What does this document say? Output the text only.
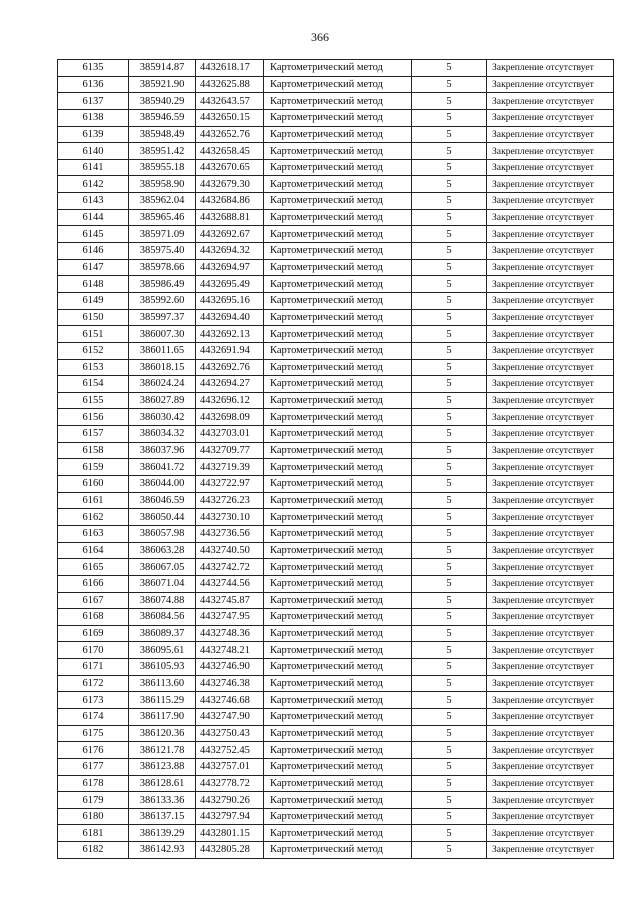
366
6135	385914.87	4432618.17	Картометрический метод	5	Закрепление отсутствует
6136	385921.90	4432625.88	Картометрический метод	5	Закрепление отсутствует
6137	385940.29	4432643.57	Картометрический метод	5	Закрепление отсутствует
6138	385946.59	4432650.15	Картометрический метод	5	Закрепление отсутствует
6139	385948.49	4432652.76	Картометрический метод	5	Закрепление отсутствует
6140	385951.42	4432658.45	Картометрический метод	5	Закрепление отсутствует
6141	385955.18	4432670.65	Картометрический метод	5	Закрепление отсутствует
6142	385958.90	4432679.30	Картометрический метод	5	Закрепление отсутствует
6143	385962.04	4432684.86	Картометрический метод	5	Закрепление отсутствует
6144	385965.46	4432688.81	Картометрический метод	5	Закрепление отсутствует
6145	385971.09	4432692.67	Картометрический метод	5	Закрепление отсутствует
6146	385975.40	4432694.32	Картометрический метод	5	Закрепление отсутствует
6147	385978.66	4432694.97	Картометрический метод	5	Закрепление отсутствует
6148	385986.49	4432695.49	Картометрический метод	5	Закрепление отсутствует
6149	385992.60	4432695.16	Картометрический метод	5	Закрепление отсутствует
6150	385997.37	4432694.40	Картометрический метод	5	Закрепление отсутствует
6151	386007.30	4432692.13	Картометрический метод	5	Закрепление отсутствует
6152	386011.65	4432691.94	Картометрический метод	5	Закрепление отсутствует
6153	386018.15	4432692.76	Картометрический метод	5	Закрепление отсутствует
6154	386024.24	4432694.27	Картометрический метод	5	Закрепление отсутствует
6155	386027.89	4432696.12	Картометрический метод	5	Закрепление отсутствует
6156	386030.42	4432698.09	Картометрический метод	5	Закрепление отсутствует
6157	386034.32	4432703.01	Картометрический метод	5	Закрепление отсутствует
6158	386037.96	4432709.77	Картометрический метод	5	Закрепление отсутствует
6159	386041.72	4432719.39	Картометрический метод	5	Закрепление отсутствует
6160	386044.00	4432722.97	Картометрический метод	5	Закрепление отсутствует
6161	386046.59	4432726.23	Картометрический метод	5	Закрепление отсутствует
6162	386050.44	4432730.10	Картометрический метод	5	Закрепление отсутствует
6163	386057.98	4432736.56	Картометрический метод	5	Закрепление отсутствует
6164	386063.28	4432740.50	Картометрический метод	5	Закрепление отсутствует
6165	386067.05	4432742.72	Картометрический метод	5	Закрепление отсутствует
6166	386071.04	4432744.56	Картометрический метод	5	Закрепление отсутствует
6167	386074.88	4432745.87	Картометрический метод	5	Закрепление отсутствует
6168	386084.56	4432747.95	Картометрический метод	5	Закрепление отсутствует
6169	386089.37	4432748.36	Картометрический метод	5	Закрепление отсутствует
6170	386095.61	4432748.21	Картометрический метод	5	Закрепление отсутствует
6171	386105.93	4432746.90	Картометрический метод	5	Закрепление отсутствует
6172	386113.60	4432746.38	Картометрический метод	5	Закрепление отсутствует
6173	386115.29	4432746.68	Картометрический метод	5	Закрепление отсутствует
6174	386117.90	4432747.90	Картометрический метод	5	Закрепление отсутствует
6175	386120.36	4432750.43	Картометрический метод	5	Закрепление отсутствует
6176	386121.78	4432752.45	Картометрический метод	5	Закрепление отсутствует
6177	386123.88	4432757.01	Картометрический метод	5	Закрепление отсутствует
6178	386128.61	4432778.72	Картометрический метод	5	Закрепление отсутствует
6179	386133.36	4432790.26	Картометрический метод	5	Закрепление отсутствует
6180	386137.15	4432797.94	Картометрический метод	5	Закрепление отсутствует
6181	386139.29	4432801.15	Картометрический метод	5	Закрепление отсутствует
6182	386142.93	4432805.28	Картометрический метод	5	Закрепление отсутствует
